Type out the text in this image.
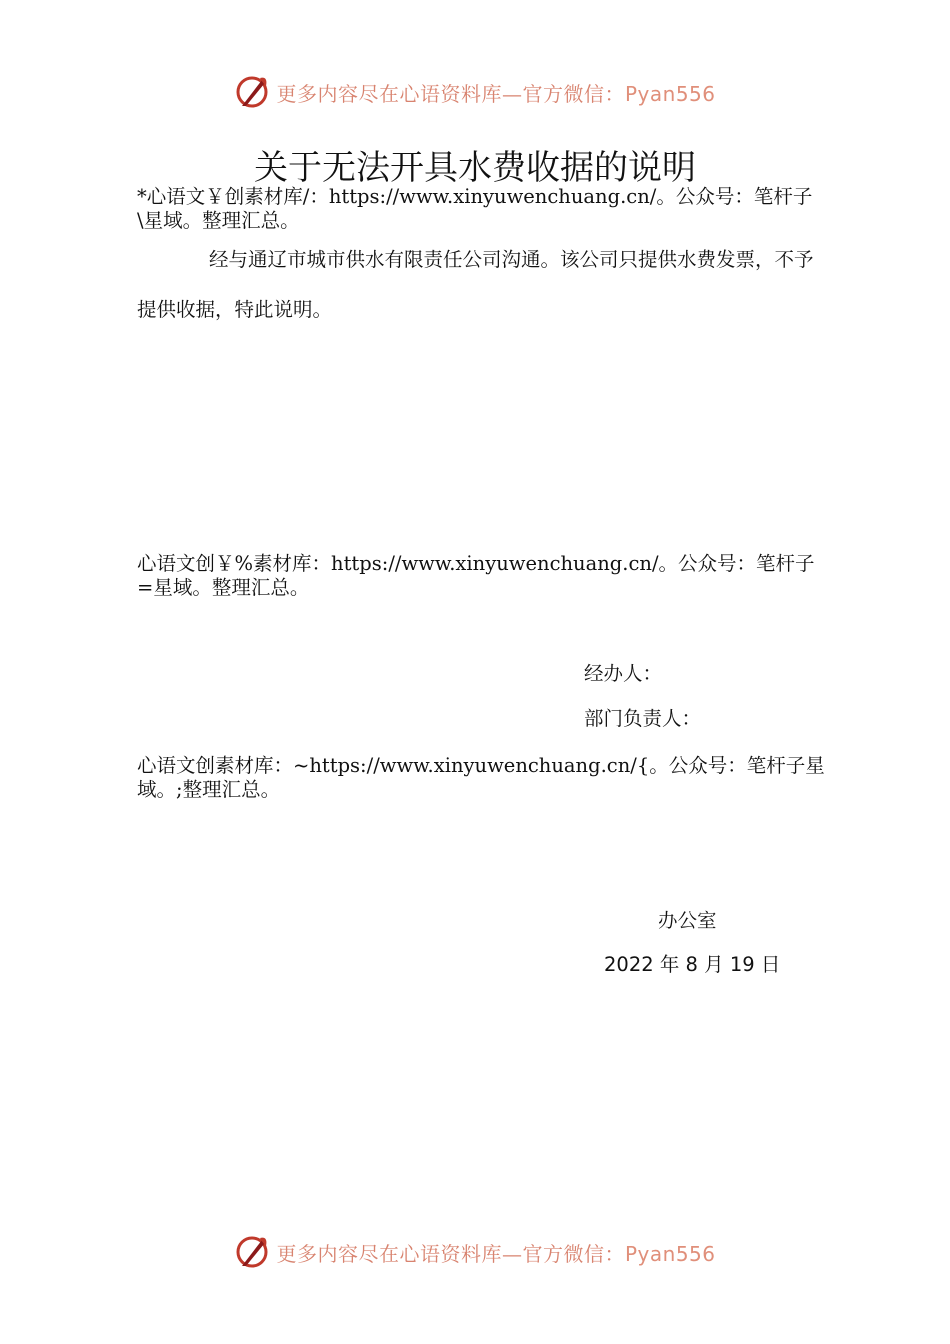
更多内容尽在心语资料库—官方微信：Pyan556
关于无法开具水费收据的说明
*心语文￥创素材库/：https://www.xinyuwenchuang.cn/。公众号：笔杆子\星域。整理汇总。
经与通辽市城市供水有限责任公司沟通。该公司只提供水费发票，不予提供收据，特此说明。
心语文创￥%素材库：https://www.xinyuwenchuang.cn/。公众号：笔杆子=星域。整理汇总。
经办人：
部门负责人：
心语文创素材库：~https://www.xinyuwenchuang.cn/{。公众号：笔杆子星域。;整理汇总。
办公室
2022 年 8 月 19 日
更多内容尽在心语资料库—官方微信：Pyan556
